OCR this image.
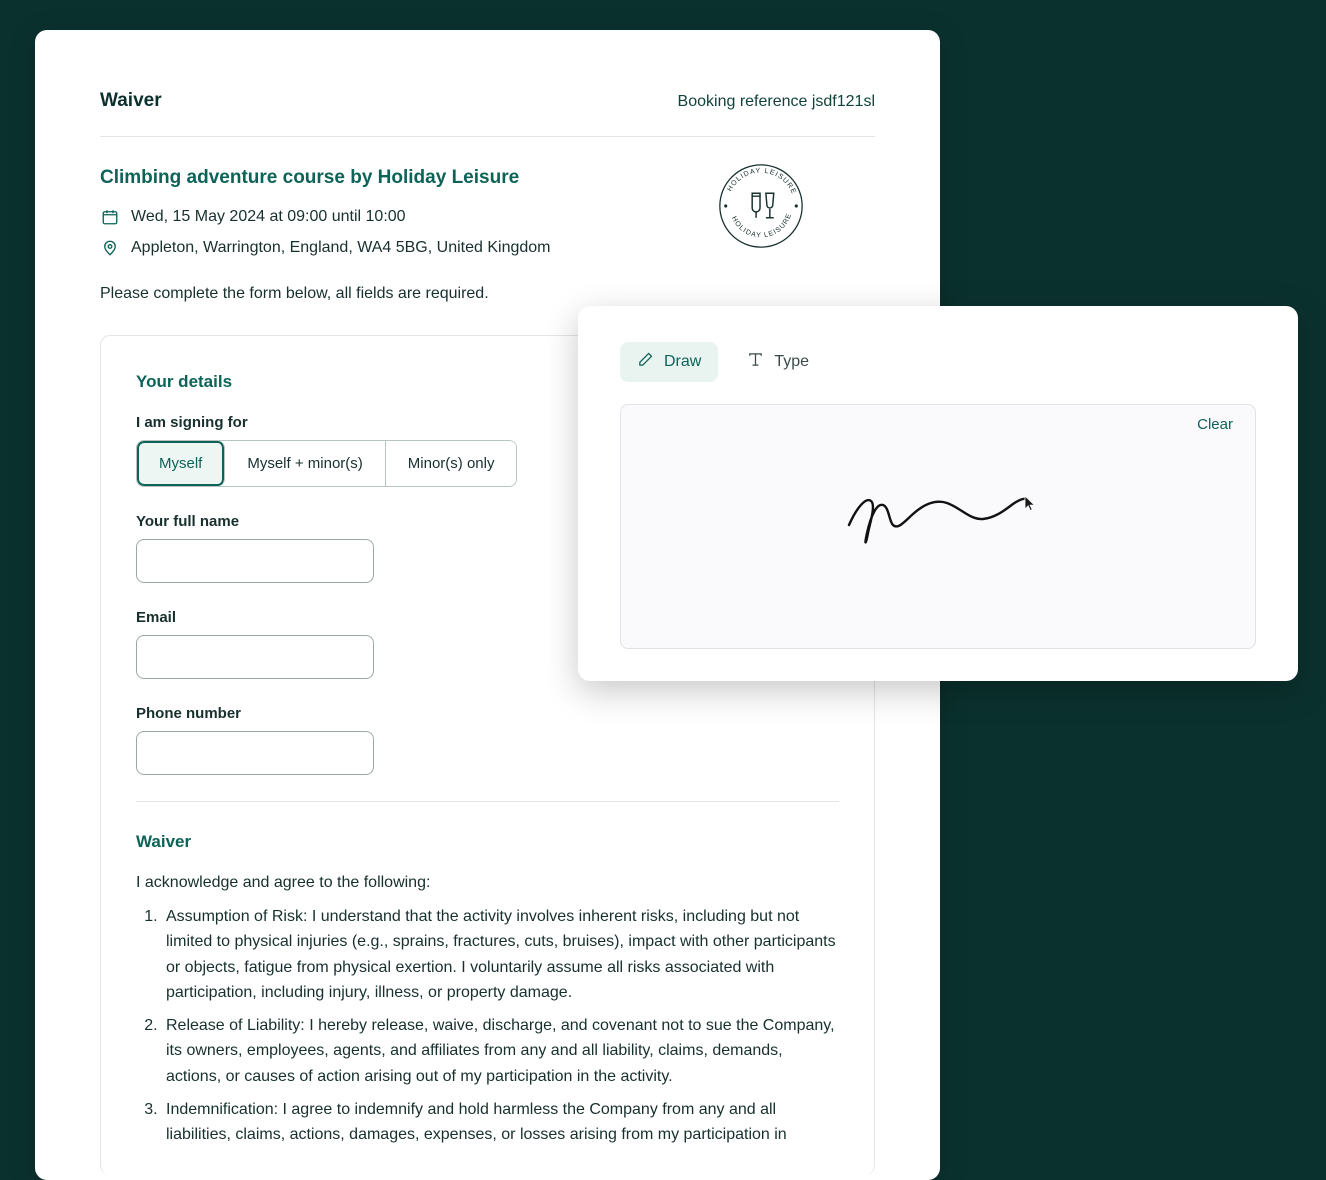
Waiver	Booking reference jsdf121sl
Climbing adventure course by Holiday Leisure
Wed, 15 May 2024 at 09:00 until 10:00
Appleton, Warrington, England, WA4 5BG, United Kingdom

Please complete the form below, all fields are required.

HOLIDAY LEISURE
HOLIDAY LEISURE
Your details
I am signing for
Myself	Myself + minor(s)	Minor(s) only
Your full name
Email
Phone number
Waiver

I acknowledge and agree to the following:

1. Assumption of Risk: I understand that the activity involves inherent risks, including but not limited to physical injuries (e.g., sprains, fractures, cuts, bruises), impact with other participants or objects, fatigue from physical exertion. I voluntarily assume all risks associated with participation, including injury, illness, or property damage.
2. Release of Liability: I hereby release, waive, discharge, and covenant not to sue the Company, its owners, employees, agents, and affiliates from any and all liability, claims, demands, actions, or causes of action arising out of my participation in the activity.
3. Indemnification: I agree to indemnify and hold harmless the Company from any and all liabilities, claims, actions, damages, expenses, or losses arising from my participation in
Draw	Type
Clear
